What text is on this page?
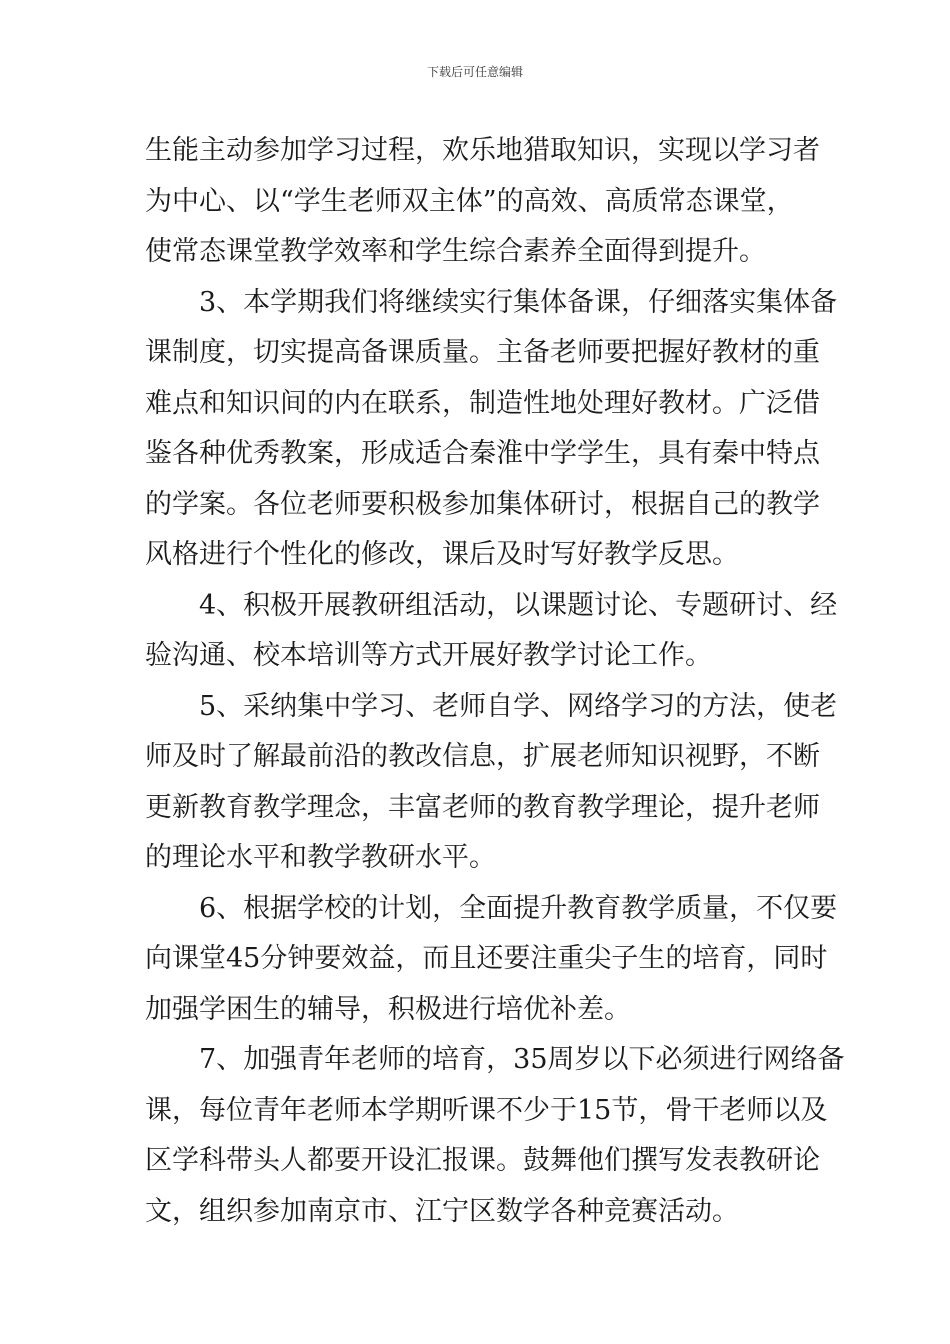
下载后可任意编辑
生能主动参加学习过程，欢乐地猎取知识，实现以学习者
为中心、以“学生老师双主体”的高效、高质常态课堂，
使常态课堂教学效率和学生综合素养全面得到提升。
3、本学期我们将继续实行集体备课，仔细落实集体备
课制度，切实提高备课质量。主备老师要把握好教材的重
难点和知识间的内在联系，制造性地处理好教材。广泛借
鉴各种优秀教案，形成适合秦淮中学学生，具有秦中特点
的学案。各位老师要积极参加集体研讨，根据自己的教学
风格进行个性化的修改，课后及时写好教学反思。
4、积极开展教研组活动，以课题讨论、专题研讨、经
验沟通、校本培训等方式开展好教学讨论工作。
5、采纳集中学习、老师自学、网络学习的方法，使老
师及时了解最前沿的教改信息，扩展老师知识视野，不断
更新教育教学理念，丰富老师的教育教学理论，提升老师
的理论水平和教学教研水平。
6、根据学校的计划，全面提升教育教学质量，不仅要
向课堂45分钟要效益，而且还要注重尖子生的培育，同时
加强学困生的辅导，积极进行培优补差。
7、加强青年老师的培育，35周岁以下必须进行网络备
课，每位青年老师本学期听课不少于15节，骨干老师以及
区学科带头人都要开设汇报课。鼓舞他们撰写发表教研论
文，组织参加南京市、江宁区数学各种竞赛活动。
